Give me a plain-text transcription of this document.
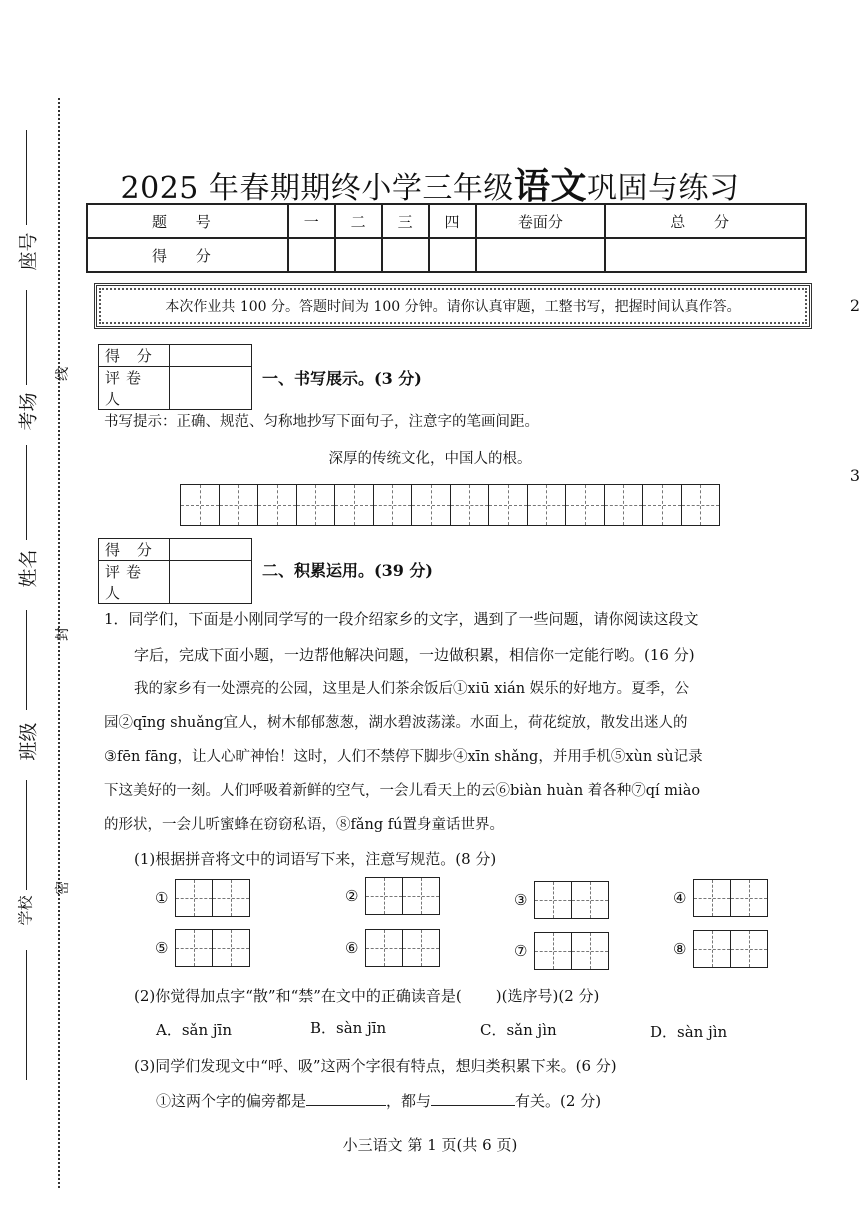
座号
考场
姓名
班级
学校
线
封
密
2025 年春期期终小学三年级语文巩固与练习
题 号	一	二	三	四	卷面分	总 分
得 分						
本次作业共 100 分。答题时间为 100 分钟。请你认真审题，工整书写，把握时间认真作答。	2
3
得 分	
评卷人	
一、书写展示。(3 分)
书写提示：正确、规范、匀称地抄写下面句子，注意字的笔画间距。
深厚的传统文化，中国人的根。
得 分	
评卷人	
二、积累运用。(39 分)
1．同学们，下面是小刚同学写的一段介绍家乡的文字，遇到了一些问题，请你阅读这段文
字后，完成下面小题，一边帮他解决问题，一边做积累，相信你一定能行哟。(16 分)
我的家乡有一处漂亮的公园，这里是人们茶余饭后①xiū xián 娱乐的好地方。夏季，公
园②qīng shuǎng宜人，树木郁郁葱葱，湖水碧波荡漾。水面上，荷花绽放，散发出迷人的
③fēn fāng，让人心旷神怡！这时，人们不禁停下脚步④xīn shǎng，并用手机⑤xùn sù记录
下这美好的一刻。人们呼吸着新鲜的空气，一会儿看天上的云⑥biàn huàn 着各种⑦qí miào
的形状，一会儿听蜜蜂在窃窃私语，⑧fǎng fú置身童话世界。
(1)根据拼音将文中的词语写下来，注意写规范。(8 分)
①	②	③	④
⑤	⑥	⑦	⑧
(2)你觉得加点字“散”和“禁”在文中的正确读音是( )(选序号)(2 分)
A．sǎn jīn	B．sàn jīn	C．sǎn jìn	D．sàn jìn
(3)同学们发现文中“呼、吸”这两个字很有特点，想归类积累下来。(6 分)
①这两个字的偏旁都是	，都与	有关。(2 分)
小三语文 第 1 页(共 6 页)
